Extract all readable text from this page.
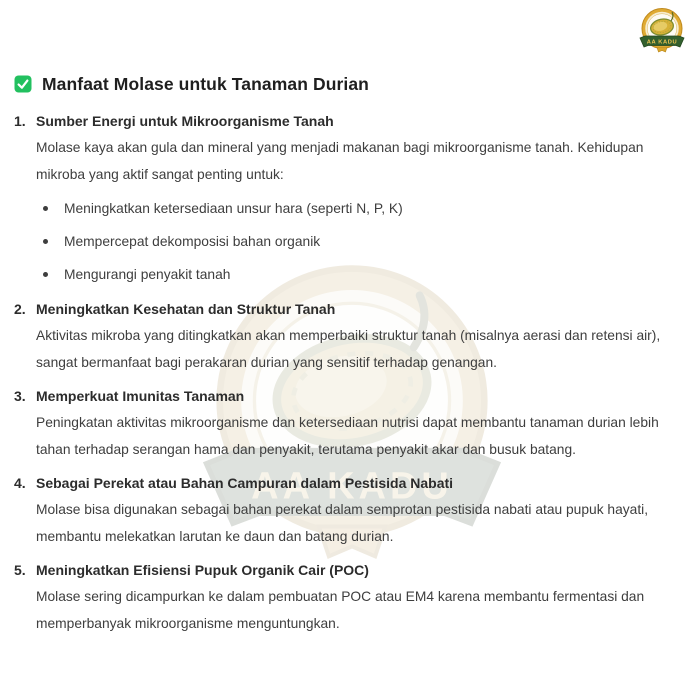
Manfaat Molase untuk Tanaman Durian
1. Sumber Energi untuk Mikroorganisme Tanah

Molase kaya akan gula dan mineral yang menjadi makanan bagi mikroorganisme tanah. Kehidupan mikroba yang aktif sangat penting untuk:

Meningkatkan ketersediaan unsur hara (seperti N, P, K)
Mempercepat dekomposisi bahan organik
Mengurangi penyakit tanah
2. Meningkatkan Kesehatan dan Struktur Tanah

Aktivitas mikroba yang ditingkatkan akan memperbaiki struktur tanah (misalnya aerasi dan retensi air), sangat bermanfaat bagi perakaran durian yang sensitif terhadap genangan.

3. Memperkuat Imunitas Tanaman

Peningkatan aktivitas mikroorganisme dan ketersediaan nutrisi dapat membantu tanaman durian lebih tahan terhadap serangan hama dan penyakit, terutama penyakit akar dan busuk batang.

4. Sebagai Perekat atau Bahan Campuran dalam Pestisida Nabati

Molase bisa digunakan sebagai bahan perekat dalam semprotan pestisida nabati atau pupuk hayati, membantu melekatkan larutan ke daun dan batang durian.

5. Meningkatkan Efisiensi Pupuk Organik Cair (POC)

Molase sering dicampurkan ke dalam pembuatan POC atau EM4 karena membantu fermentasi dan memperbanyak mikroorganisme menguntungkan.
